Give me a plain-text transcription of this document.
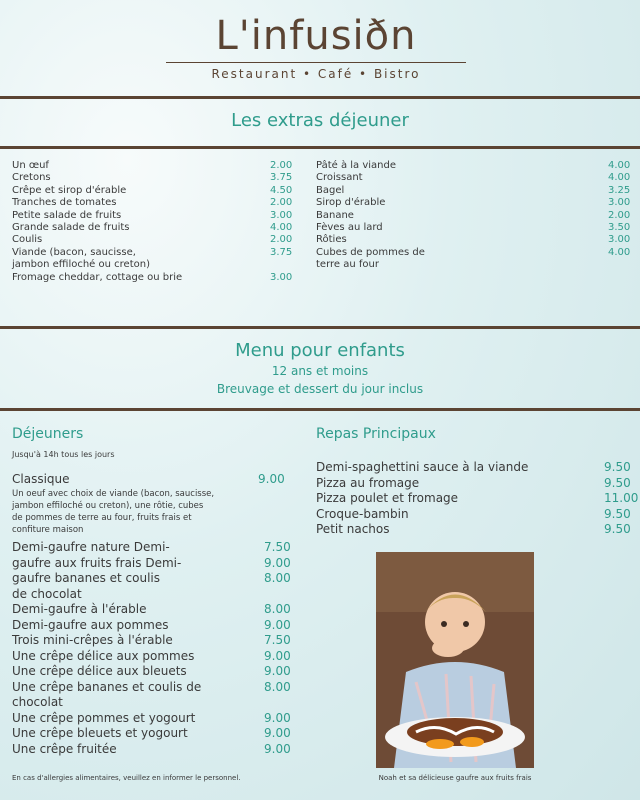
L'infusiðn
Restaurant • Café • Bistro
Les extras déjeuner
Un œuf	2.00
Cretons	3.75
Crêpe et sirop d'érable	4.50
Tranches de tomates	2.00
Petite salade de fruits	3.00
Grande salade de fruits	4.00
Coulis	2.00
Viande (bacon, saucisse,	3.75
jambon effiloché ou creton)
Fromage cheddar, cottage ou brie	3.00
Pâté à la viande	4.00
Croissant	4.00
Bagel	3.25
Sirop d'érable	3.00
Banane	2.00
Fèves au lard	3.50
Rôties	3.00
Cubes de pommes de	4.00
terre au four
Menu pour enfants
12 ans et moins
Breuvage et dessert du jour inclus
Déjeuners
Jusqu'à 14h tous les jours
Classique	9.00
Un oeuf avec choix de viande (bacon, saucisse,
jambon effiloché ou creton), une rôtie, cubes
de pommes de terre au four, fruits frais et
confiture maison
Demi-gaufre nature Demi-	7.50
gaufre aux fruits frais Demi-	9.00
gaufre bananes et coulis	8.00
de chocolat
Demi-gaufre à l'érable	8.00
Demi-gaufre aux pommes	9.00
Trois mini-crêpes à l'érable	7.50
Une crêpe délice aux pommes	9.00
Une crêpe délice aux bleuets	9.00
Une crêpe bananes et coulis de	8.00
chocolat
Une crêpe pommes et yogourt	9.00
Une crêpe bleuets et yogourt	9.00
Une crêpe fruitée	9.00
En cas d'allergies alimentaires, veuillez en informer le personnel.
Repas Principaux
Demi-spaghettini sauce à la viande	9.50
Pizza au fromage	9.50
Pizza poulet et fromage	11.00
Croque-bambin	9.50
Petit nachos	9.50
Noah et sa délicieuse gaufre aux fruits frais
